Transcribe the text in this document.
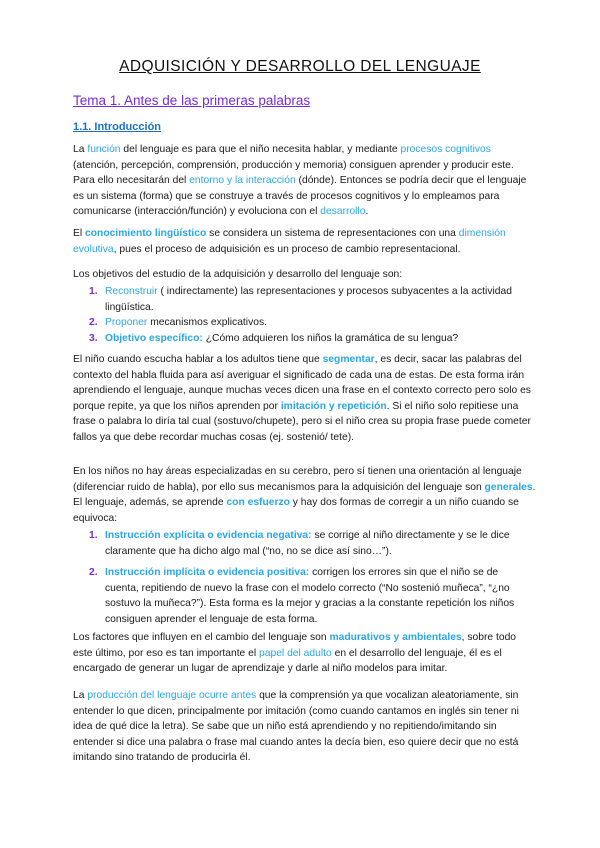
ADQUISICIÓN Y DESARROLLO DEL LENGUAJE
Tema 1. Antes de las primeras palabras
1.1. Introducción

La función del lenguaje es para que el niño necesita hablar, y mediante procesos cognitivos (atención, percepción, comprensión, producción y memoria) consiguen aprender y producir este. Para ello necesitarán del entorno y la interacción (dónde). Entonces se podría decir que el lenguaje es un sistema (forma) que se construye a través de procesos cognitivos y lo empleamos para comunicarse (interacción/función) y evoluciona con el desarrollo.

El conocimiento lingüístico se considera un sistema de representaciones con una dimensión evolutiva, pues el proceso de adquisición es un proceso de cambio representacional.

Los objetivos del estudio de la adquisición y desarrollo del lenguaje son:

1. Reconstruir ( indirectamente) las representaciones y procesos subyacentes a la actividad lingüística.
2. Proponer mecanismos explicativos.
3. Objetivo específico: ¿Cómo adquieren los niños la gramática de su lengua?

El niño cuando escucha hablar a los adultos tiene que segmentar, es decir, sacar las palabras del contexto del habla fluida para así averiguar el significado de cada una de estas. De esta forma irán aprendiendo el lenguaje, aunque muchas veces dicen una frase en el contexto correcto pero solo es porque repite, ya que los niños aprenden por imitación y repetición. Si el niño solo repitiese una frase o palabra lo diría tal cual (sostuvo/chupete), pero si el niño crea su propia frase puede cometer fallos ya que debe recordar muchas cosas (ej. sostenió/ tete).

En los niños no hay áreas especializadas en su cerebro, pero sí tienen una orientación al lenguaje (diferenciar ruido de habla), por ello sus mecanismos para la adquisición del lenguaje son generales. El lenguaje, además, se aprende con esfuerzo y hay dos formas de corregir a un niño cuando se equivoca:

1. Instrucción explícita o evidencia negativa: se corrige al niño directamente y se le dice claramente que ha dicho algo mal (“no, no se dice así sino…”).
2. Instrucción implícita o evidencia positiva: corrigen los errores sin que el niño se de cuenta, repitiendo de nuevo la frase con el modelo correcto (“No sostenió muñeca”, “¿no sostuvo la muñeca?”). Esta forma es la mejor y gracias a la constante repetición los niños consiguen aprender el lenguaje de esta forma.

Los factores que influyen en el cambio del lenguaje son madurativos y ambientales, sobre todo este último, por eso es tan importante el papel del adulto en el desarrollo del lenguaje, él es el encargado de generar un lugar de aprendizaje y darle al niño modelos para imitar.

La producción del lenguaje ocurre antes que la comprensión ya que vocalizan aleatoriamente, sin entender lo que dicen, principalmente por imitación (como cuando cantamos en inglés sin tener ni idea de qué dice la letra). Se sabe que un niño está aprendiendo y no repitiendo/imitando sin entender si dice una palabra o frase mal cuando antes la decía bien, eso quiere decir que no está imitando sino tratando de producirla él.
